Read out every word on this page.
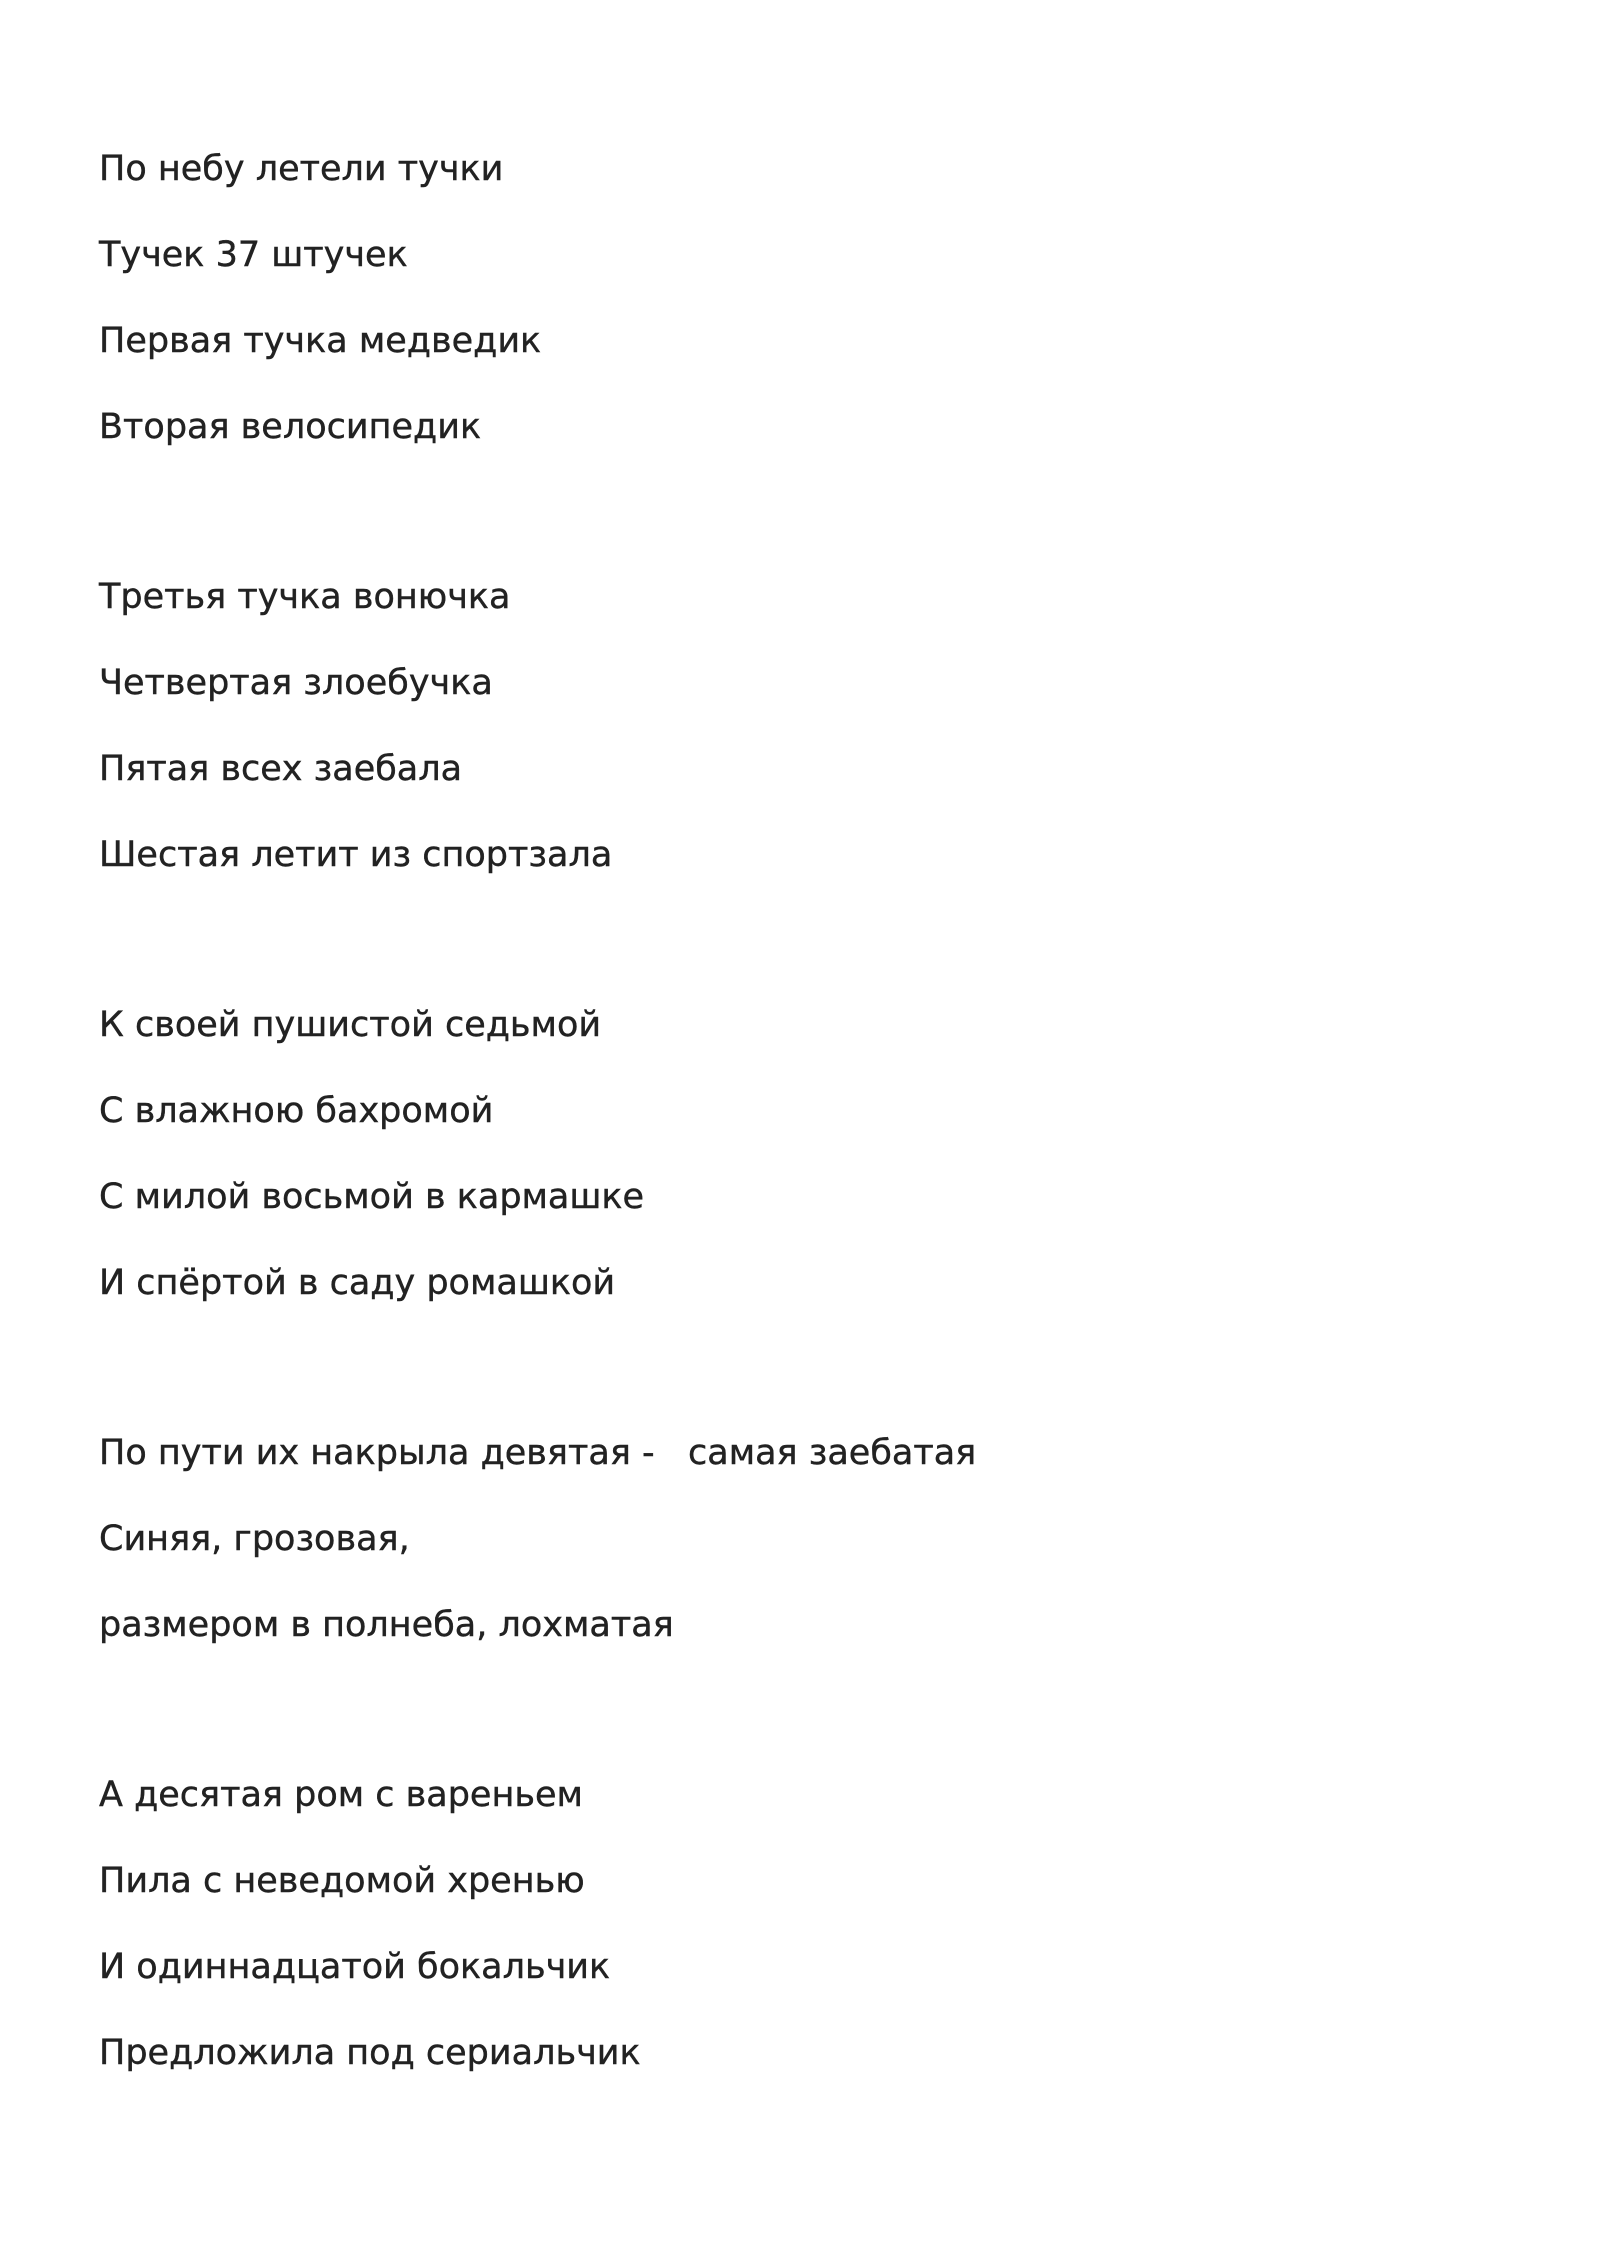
По небу летели тучки
Тучек 37 штучек
Первая тучка медведик
Вторая велосипедик
Третья тучка вонючка
Четвертая злоебучка
Пятая всех заебала
Шестая летит из спортзала
К своей пушистой седьмой
С влажною бахромой
С милой восьмой в кармашке
И спёртой в саду ромашкой
По пути их накрыла девятая -   самая заебатая
Синяя, грозовая,
размером в полнеба, лохматая
А десятая ром с вареньем
Пила с неведомой хренью
И одиннадцатой бокальчик
Предложила под сериальчик
